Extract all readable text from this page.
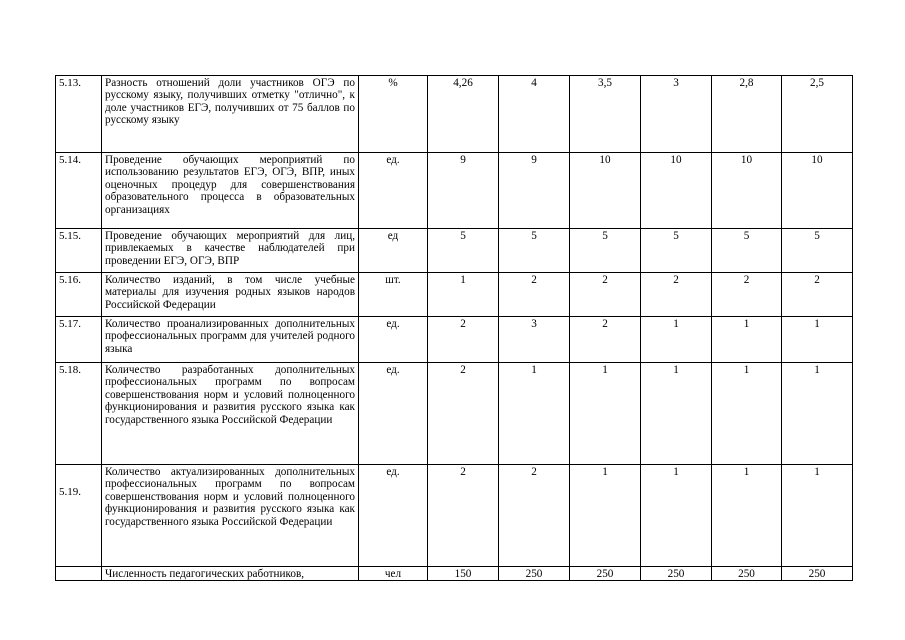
5.13.	Разность отношений доли участников ОГЭ по русскому языку, получивших отметку "отлично", к доле участников ЕГЭ, получивших от 75 баллов по русскому языку	%	4,26	4	3,5	3	2,8	2,5
5.14.	Проведение обучающих мероприятий по использованию результатов ЕГЭ, ОГЭ, ВПР, иных оценочных процедур для совершенствования образовательного процесса в образовательных организациях	ед.	9	9	10	10	10	10
5.15.	Проведение обучающих мероприятий для лиц, привлекаемых в качестве наблюдателей при проведении ЕГЭ, ОГЭ, ВПР	ед	5	5	5	5	5	5
5.16.	Количество изданий, в том числе учебные материалы для изучения родных языков народов Российской Федерации	шт.	1	2	2	2	2	2
5.17.	Количество проанализированных дополнительных профессиональных программ для учителей родного языка	ед.	2	3	2	1	1	1
5.18.	Количество разработанных дополнительных профессиональных программ по вопросам совершенствования норм и условий полноценного функционирования и развития русского языка как государственного языка Российской Федерации	ед.	2	1	1	1	1	1
5.19.	Количество актуализированных дополнительных профессиональных программ по вопросам совершенствования норм и условий полноценного функционирования и развития русского языка как государственного языка Российской Федерации	ед.	2	2	1	1	1	1
	Численность педагогических работников,	чел	150	250	250	250	250	250
